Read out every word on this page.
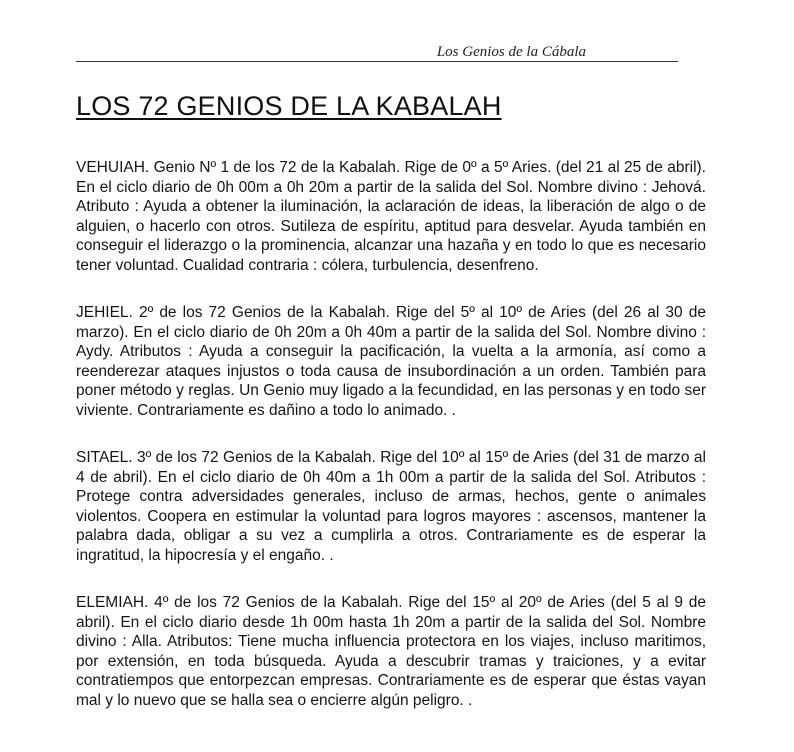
Los Genios de la Cábala
LOS 72 GENIOS DE LA KABALAH

VEHUIAH. Genio Nº 1 de los 72 de la Kabalah. Rige de 0º a 5º Aries. (del 21 al 25 de abril). En el ciclo diario de 0h 00m a 0h 20m a partir de la salida del Sol. Nombre divino : Jehová. Atributo : Ayuda a obtener la iluminación, la aclaración de ideas, la liberación de algo o de alguien, o hacerlo con otros. Sutileza de espíritu, aptitud para desvelar. Ayuda también en conseguir el liderazgo o la prominencia, alcanzar una hazaña y en todo lo que es necesario tener voluntad. Cualidad contraria : cólera, turbulencia, desenfreno.

JEHIEL. 2º de los 72 Genios de la Kabalah. Rige del 5º al 10º de Aries (del 26 al 30 de marzo). En el ciclo diario de 0h 20m a 0h 40m a partir de la salida del Sol. Nombre divino : Aydy. Atributos : Ayuda a conseguir la pacificación, la vuelta a la armonía, así como a reenderezar ataques injustos o toda causa de insubordinación a un orden. También para poner método y reglas. Un Genio muy ligado a la fecundidad, en las personas y en todo ser viviente. Contrariamente es dañino a todo lo animado. .

SITAEL. 3º de los 72 Genios de la Kabalah. Rige del 10º al 15º de Aries (del 31 de marzo al 4 de abril). En el ciclo diario de 0h 40m a 1h 00m a partir de la salida del Sol. Atributos : Protege contra adversidades generales, incluso de armas, hechos, gente o animales violentos. Coopera en estimular la voluntad para logros mayores : ascensos, mantener la palabra dada, obligar a su vez a cumplirla a otros. Contrariamente es de esperar la ingratitud, la hipocresía y el engaño. .

ELEMIAH. 4º de los 72 Genios de la Kabalah. Rige del 15º al 20º de Aries (del 5 al 9 de abril). En el ciclo diario desde 1h 00m hasta 1h 20m a partir de la salida del Sol. Nombre divino : Alla. Atributos: Tiene mucha influencia protectora en los viajes, incluso maritimos, por extensión, en toda búsqueda. Ayuda a descubrir tramas y traiciones, y a evitar contratiempos que entorpezcan empresas. Contrariamente es de esperar que éstas vayan mal y lo nuevo que se halla sea o encierre algún peligro. .
